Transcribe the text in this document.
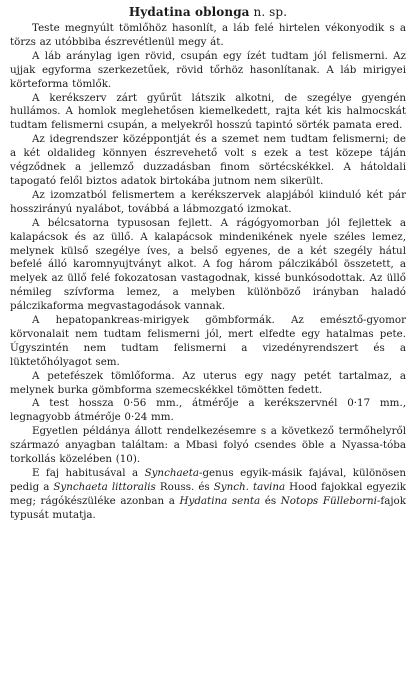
Hydatina oblonga n. sp.

Teste megnyúlt tömlőhöz hasonlít, a láb felé hirtelen vékonyodik s a törzs az utóbbiba észrevétlenül megy át.

A láb aránylag igen rövid, csupán egy ízét tudtam jól felismerni. Az ujjak egyforma szerkezetűek, rövid tőrhöz hasonlítanak. A láb mirigyei körteforma tömlők.

A kerékszerv zárt gyűrűt látszik alkotni, de szegélye gyengén hullámos. A homlok meglehetősen kiemelkedett, rajta két kis halmocskát tudtam felismerni csupán, a melyekről hosszú tapintó sörték pamata ered.

Az idegrendszer középpontját és a szemet nem tudtam felismerni; de a két oldalideg könnyen észrevehető volt s ezek a test közepe táján végződnek a jellemző duzzadásban finom sörtécskékkel. A hátoldali tapogató felől biztos adatok birtokába jutnom nem sikerült.

Az izomzatból felismertem a kerékszervek alapjából kiinduló két pár hosszirányú nyalábot, továbbá a lábmozgató izmokat.

A bélcsatorna typusosan fejlett. A rágógyomorban jól fejlettek a kalapácsok és az üllő. A kalapácsok mindenikének nyele széles lemez, melynek külső szegélye íves, a belső egyenes, de a két szegély hátul befelé álló karomnyujtványt alkot. A fog három pálczikából összetett, a melyek az üllő felé fokozatosan vastagodnak, kissé bunkósodottak. Az üllő némileg szívforma lemez, a melyben különböző irányban haladó pálczikaforma megvastagodások vannak.

A hepatopankreas-mirigyek gömbformák. Az emésztő-gyomor körvonalait nem tudtam felismerni jól, mert elfedte egy hatalmas pete. Úgyszintén nem tudtam felismerni a vizedényrendszert és a lüktetőhólyagot sem.

A petefészek tömlőforma. Az uterus egy nagy petét tartalmaz, a melynek burka gömbforma szemecskékkel tömötten fedett.

A test hossza 0·56 mm., átmérője a kerékszervnél 0·17 mm., legnagyobb átmérője 0·24 mm.

Egyetlen példánya állott rendelkezésemre s a következő termőhelyről származó anyagban találtam: a Mbasi folyó csendes öble a Nyassa-tóba torkollás közelében (10).

E faj habitusával a Synchaeta-genus egyik-másik fajával, különösen pedig a Synchaeta littoralis Rouss. és Synch. tavina Hood fajokkal egyezik meg; rágókészüléke azonban a Hydatina senta és Notops Fülleborni-fajok typusát mutatja.
